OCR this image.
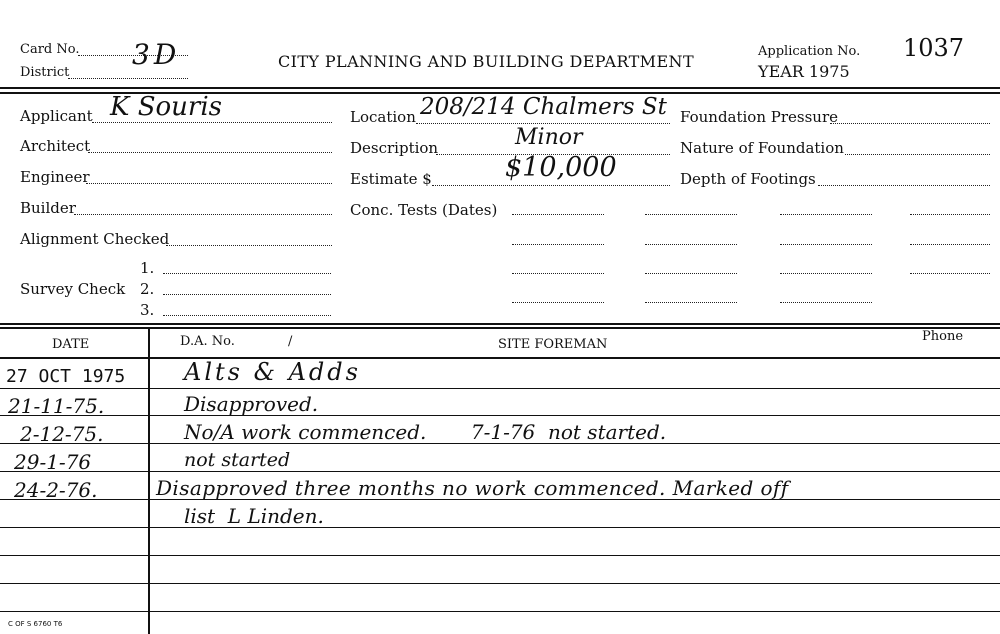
Card No. 3D
District
CITY PLANNING AND BUILDING DEPARTMENT
Application No. 1037
YEAR 1975
Applicant K Souris
Architect
Engineer
Builder
Alignment Checked
Survey Check
1.
2.
3.
Location 208/214 Chalmers St
Description	Minor
Estimate $	$10,000
Conc. Tests (Dates)
Foundation Pressure
Nature of Foundation
Depth of Footings
DATE	D.A. No.	/	SITE FOREMAN
Phone
27 OCT 1975 Alts & Adds
21-11-75.	Disapproved.
2-12-75.	No/A work commenced.       7-1-76  not started.
29-1-76	not started
24-2-76.	Disapproved three months no work commenced. Marked off
list  L Linden.
C OF S 6760 T6
